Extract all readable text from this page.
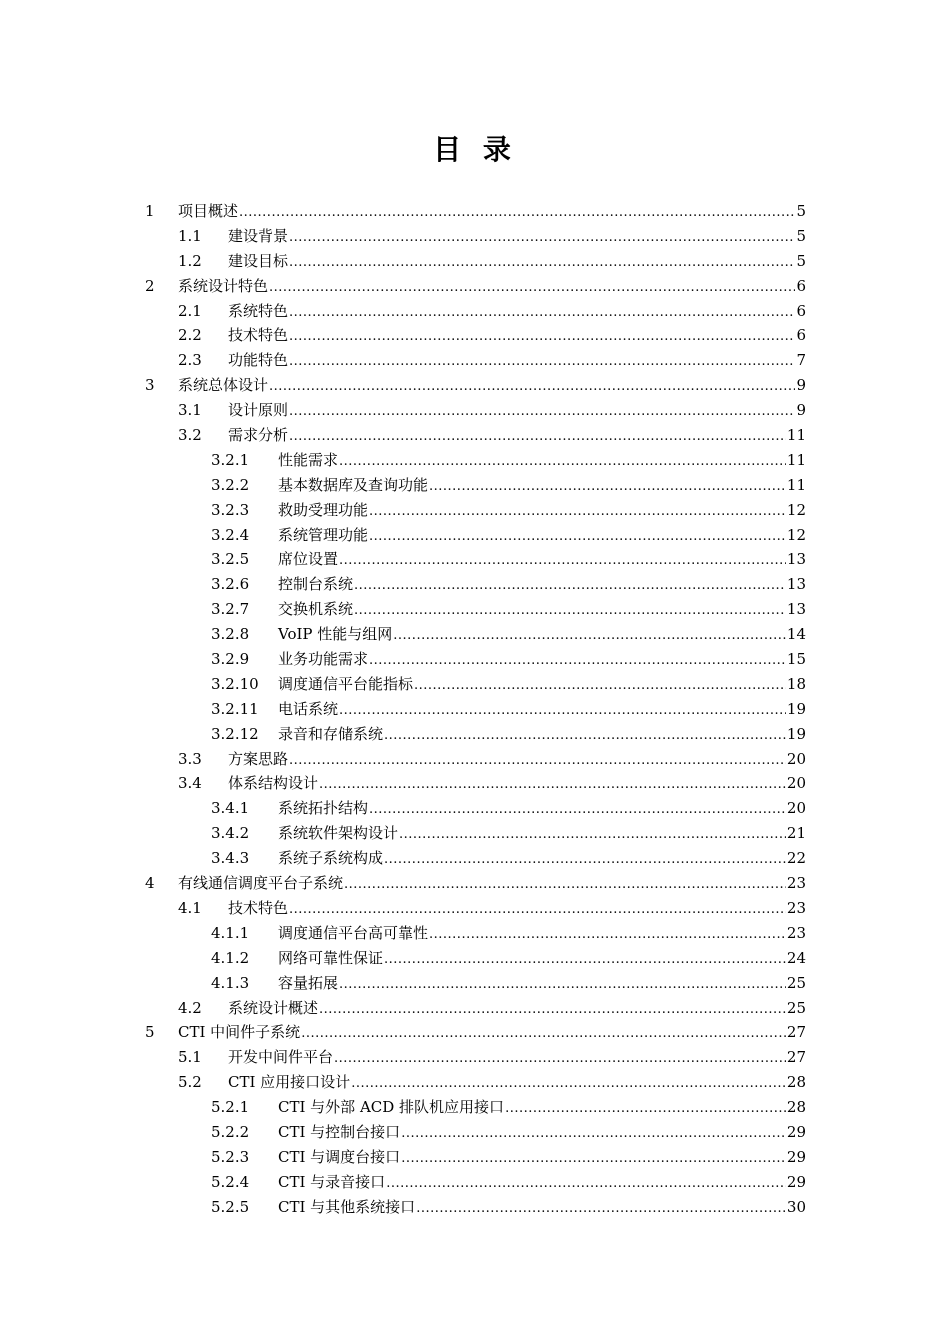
目 录
1	项目概述 .....	5
1.1	建设背景 .....	5
1.2	建设目标 .....	5
2	系统设计特色 .....	6
2.1	系统特色 .....	6
2.2	技术特色 .....	6
2.3	功能特色 .....	7
3	系统总体设计 .....	9
3.1	设计原则 .....	9
3.2	需求分析 .....	11
3.2.1	性能需求 .....	11
3.2.2	基本数据库及查询功能 .....	11
3.2.3	救助受理功能 .....	12
3.2.4	系统管理功能 .....	12
3.2.5	席位设置 .....	13
3.2.6	控制台系统 .....	13
3.2.7	交换机系统 .....	13
3.2.8	VoIP 性能与组网 .....	14
3.2.9	业务功能需求 .....	15
3.2.10	调度通信平台能指标 .....	18
3.2.11	电话系统 .....	19
3.2.12	录音和存储系统 .....	19
3.3	方案思路 .....	20
3.4	体系结构设计 .....	20
3.4.1	系统拓扑结构 .....	20
3.4.2	系统软件架构设计 .....	21
3.4.3	系统子系统构成 .....	22
4	有线通信调度平台子系统 .....	23
4.1	技术特色 .....	23
4.1.1	调度通信平台高可靠性 .....	23
4.1.2	网络可靠性保证 .....	24
4.1.3	容量拓展 .....	25
4.2	系统设计概述 .....	25
5	CTI 中间件子系统 .....	27
5.1	开发中间件平台 .....	27
5.2	CTI 应用接口设计 .....	28
5.2.1	CTI 与外部 ACD 排队机应用接口 .....	28
5.2.2	CTI 与控制台接口 .....	29
5.2.3	CTI 与调度台接口 .....	29
5.2.4	CTI 与录音接口 .....	29
5.2.5	CTI 与其他系统接口 .....	30
